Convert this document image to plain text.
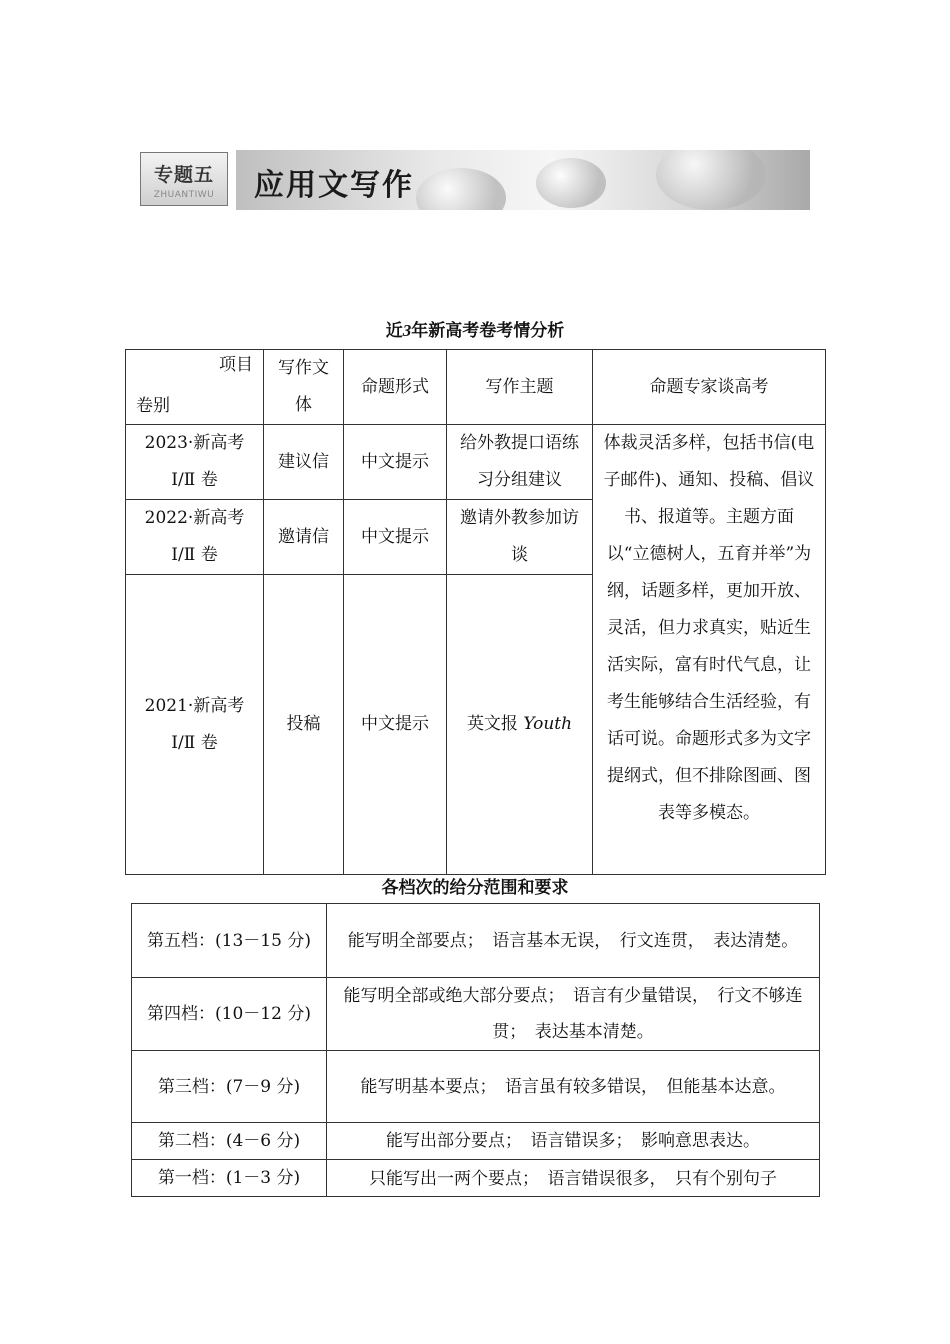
专题五
ZHUANTIWU	应用文写作
近3年新高考卷考情分析
项目
卷别	写作文体	命题形式	写作主题	命题专家谈高考

2023·新高考
Ⅰ/Ⅱ 卷	建议信	中文提示	给外教提口语练习分组建议	体裁灵活多样，包括书信(电子邮件)、通知、投稿、倡议书、报道等。主题方面以“立德树人，五育并举”为纲，话题多样，更加开放、灵活，但力求真实，贴近生活实际，富有时代气息，让考生能够结合生活经验，有话可说。命题形式多为文字提纲式，但不排除图画、图表等多模态。

2022·新高考
Ⅰ/Ⅱ 卷	邀请信	中文提示	邀请外教参加访谈	

2021·新高考
Ⅰ/Ⅱ 卷	投稿	中文提示	英文报 Youth	
各档次的给分范围和要求
第五档：(13－15 分)	能写明全部要点；　语言基本无误，　行文连贯，　表达清楚。
第四档：(10－12 分)	能写明全部或绝大部分要点；　语言有少量错误，　行文不够连贯；　表达基本清楚。
第三档：(7－9 分)	能写明基本要点；　语言虽有较多错误，　但能基本达意。
第二档：(4－6 分)	能写出部分要点；　语言错误多；　影响意思表达。
第一档：(1－3 分)	只能写出一两个要点；　语言错误很多，　只有个别句子
